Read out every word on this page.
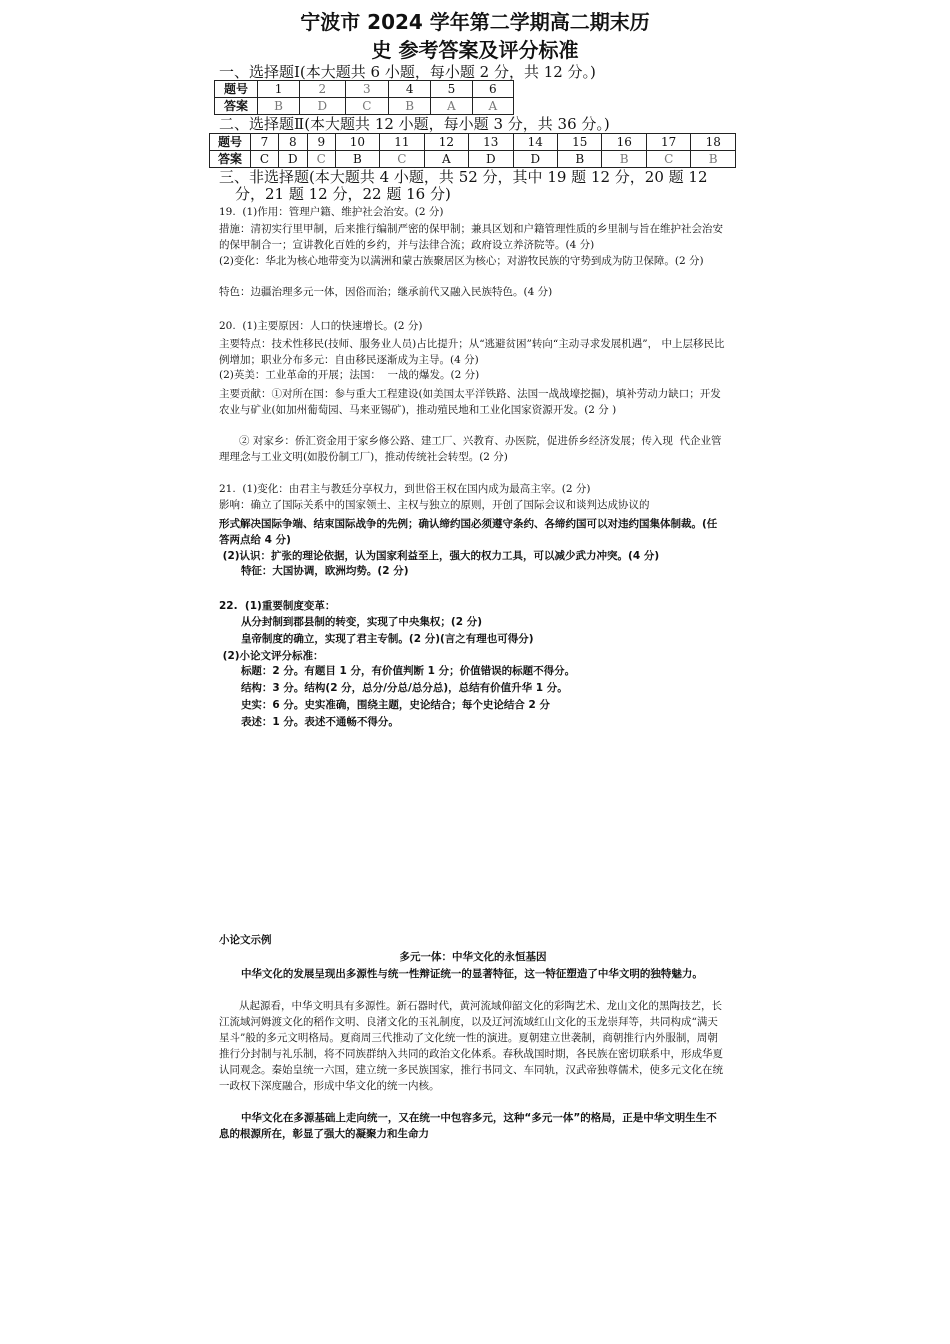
宁波市 2024 学年第二学期高二期末历
史 参考答案及评分标准
一、选择题Ⅰ(本大题共 6 小题，每小题 2 分，共 12 分。)
题号	1	2	3	4	5	6
答案	B	D	C	B	A	A
二、选择题Ⅱ(本大题共 12 小题，每小题 3 分，共 36 分。)
题号	7	8	9	10	11	12	13	14	15	16	17	18
答案	C	D	C	B	C	A	D	D	B	B	C	B
三、非选择题(本大题共 4 小题，共 52 分，其中 19 题 12 分，20 题 12
分，21 题 12 分，22 题 16 分)
19.  (1)作用：管理户籍、维护社会治安。(2 分)
措施：清初实行里甲制，后来推行编制严密的保甲制；兼具区划和户籍管理性质的乡里制与旨在维护社会治安的保甲制合一；宣讲教化百姓的乡约，并与法律合流；政府设立养济院等。(4 分)
(2)变化：华北为核心地带变为以满洲和蒙古族聚居区为核心；对游牧民族的守势到成为防卫保障。(2 分)
特色：边疆治理多元一体，因俗而治；继承前代又融入民族特色。(4 分)
20.  (1)主要原因：人口的快速增长。(2 分)
主要特点：技术性移民(技师、服务业人员)占比提升；从“逃避贫困”转向“主动寻求发展机遇”， 中上层移民比例增加；职业分布多元：自由移民逐渐成为主导。(4 分)
(2)英美：工业革命的开展；法国：  一战的爆发。(2 分)
主要贡献：①对所在国：参与重大工程建设(如美国太平洋铁路、法国一战战壕挖掘)，填补劳动力缺口；开发农业与矿业(如加州葡萄园、马来亚锡矿)，推动殖民地和工业化国家资源开发。(2 分 )
② 对家乡：侨汇资金用于家乡修公路、建工厂、兴教育、办医院，促进侨乡经济发展；传入现  代企业管理理念与工业文明(如股份制工厂)，推动传统社会转型。(2 分)
21.  (1)变化：由君主与教廷分享权力，到世俗王权在国内成为最高主宰。(2 分)
影响：确立了国际关系中的国家领土、主权与独立的原则，开创了国际会议和谈判达成协议的
形式解决国际争端、结束国际战争的先例；确认缔约国必须遵守条约、各缔约国可以对违约国集体制裁。(任答两点给 4 分)
(2)认识：扩张的理论依据，认为国家利益至上，强大的权力工具，可以减少武力冲突。(4 分)
特征：大国协调，欧洲均势。(2 分)
22.  (1)重要制度变革：
从分封制到郡县制的转变，实现了中央集权；(2 分)
皇帝制度的确立，实现了君主专制。(2 分)(言之有理也可得分)
(2)小论文评分标准：
标题：2 分。有题目 1 分，有价值判断 1 分；价值错误的标题不得分。
结构：3 分。结构(2 分，总分/分总/总分总)，总结有价值升华 1 分。
史实：6 分。史实准确，围绕主题，史论结合；每个史论结合 2 分
表述：1 分。表述不通畅不得分。
小论文示例
多元一体：中华文化的永恒基因
中华文化的发展呈现出多源性与统一性辩证统一的显著特征，这一特征塑造了中华文明的独特魅力。
从起源看，中华文明具有多源性。新石器时代，黄河流域仰韶文化的彩陶艺术、龙山文化的黑陶技艺，长江流域河姆渡文化的稻作文明、良渚文化的玉礼制度，以及辽河流域红山文化的玉龙崇拜等，共同构成“满天星斗”般的多元文明格局。夏商周三代推动了文化统一性的演进。夏朝建立世袭制，商朝推行内外服制，周朝推行分封制与礼乐制，将不同族群纳入共同的政治文化体系。春秋战国时期，各民族在密切联系中，形成华夏认同观念。秦始皇统一六国，建立统一多民族国家，推行书同文、车同轨，汉武帝独尊儒术，使多元文化在统一政权下深度融合，形成中华文化的统一内核。
中华文化在多源基础上走向统一，又在统一中包容多元，这种“多元一体”的格局，正是中华文明生生不息的根源所在，彰显了强大的凝聚力和生命力
